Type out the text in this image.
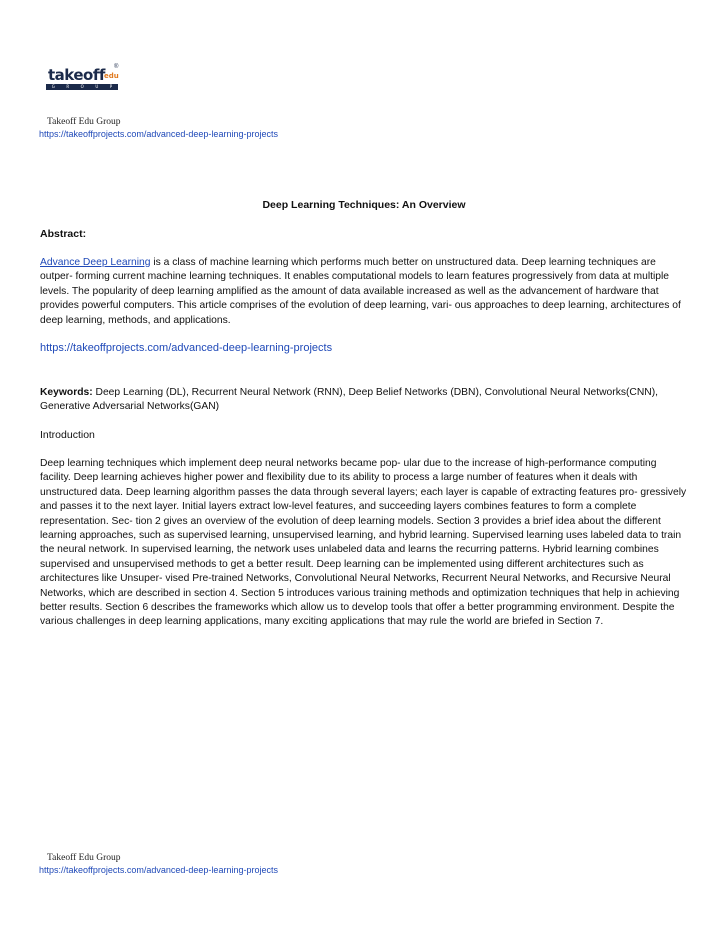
takeoff edu
®
G	R	O	U	P
Takeoff Edu Group
https://takeoffprojects.com/advanced-deep-learning-projects
Deep Learning Techniques: An Overview
Abstract:
Advance Deep Learning is a class of machine learning which performs much better on unstructured data. Deep learning techniques are outper- forming current machine learning techniques. It enables computational models to learn features progressively from data at multiple levels. The popularity of deep learning amplified as the amount of data available increased as well as the advancement of hardware that provides powerful computers. This article comprises of the evolution of deep learning, vari- ous approaches to deep learning, architectures of deep learning, methods, and applications.
https://takeoffprojects.com/advanced-deep-learning-projects
Keywords: Deep Learning (DL), Recurrent Neural Network (RNN), Deep Belief Networks (DBN), Convolutional Neural Networks(CNN), Generative Adversarial Networks(GAN)
Introduction
Deep learning techniques which implement deep neural networks became pop- ular due to the increase of high-performance computing facility. Deep learning achieves higher power and flexibility due to its ability to process a large number of features when it deals with unstructured data. Deep learning algorithm passes the data through several layers; each layer is capable of extracting features pro- gressively and passes it to the next layer. Initial layers extract low-level features, and succeeding layers combines features to form a complete representation. Sec- tion 2 gives an overview of the evolution of deep learning models. Section 3 provides a brief idea about the different learning approaches, such as supervised learning, unsupervised learning, and hybrid learning. Supervised learning uses labeled data to train the neural network. In supervised learning, the network uses unlabeled data and learns the recurring patterns. Hybrid learning combines supervised and unsupervised methods to get a better result. Deep learning can be implemented using different architectures such as architectures like Unsuper- vised Pre-trained Networks, Convolutional Neural Networks, Recurrent Neural Networks, and Recursive Neural Networks, which are described in section 4. Section 5 introduces various training methods and optimization techniques that help in achieving better results. Section 6 describes the frameworks which allow us to develop tools that offer a better programming environment. Despite the various challenges in deep learning applications, many exciting applications that may rule the world are briefed in Section 7.
Takeoff Edu Group
https://takeoffprojects.com/advanced-deep-learning-projects
